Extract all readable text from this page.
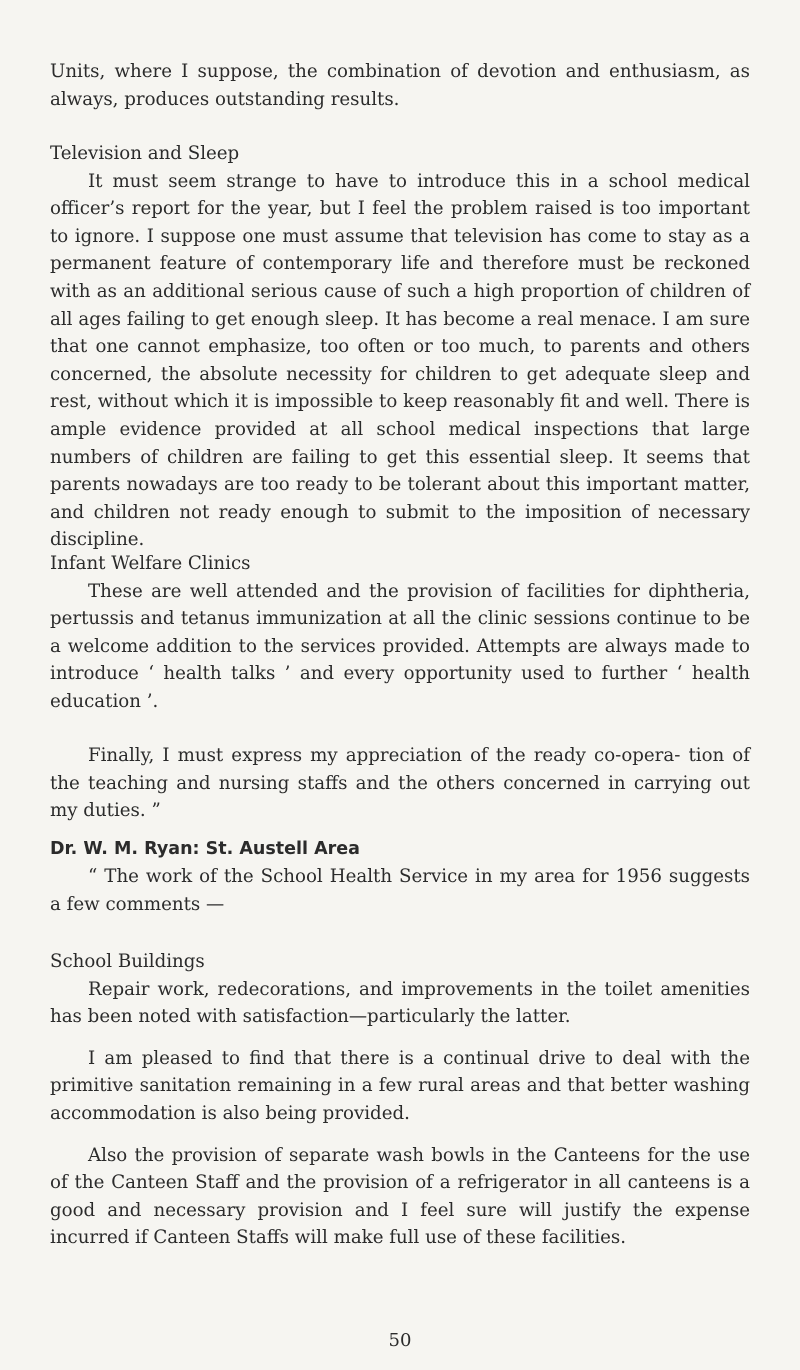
Units, where I suppose, the combination of devotion and enthusiasm, as always, produces outstanding results.

Television and Sleep

It must seem strange to have to introduce this in a school medical officer’s report for the year, but I feel the problem raised is too important to ignore. I suppose one must assume that television has come to stay as a permanent feature of contemporary life and therefore must be reckoned with as an additional serious cause of such a high proportion of children of all ages failing to get enough sleep. It has become a real menace. I am sure that one cannot emphasize, too often or too much, to parents and others concerned, the absolute necessity for children to get adequate sleep and rest, without which it is impossible to keep reasonably fit and well. There is ample evidence provided at all school medical inspections that large numbers of children are failing to get this essential sleep. It seems that parents nowadays are too ready to be tolerant about this important matter, and children not ready enough to submit to the imposition of necessary discipline.

Infant Welfare Clinics

These are well attended and the provision of facilities for diphtheria, pertussis and tetanus immunization at all the clinic sessions continue to be a welcome addition to the services provided. Attempts are always made to introduce ‘ health talks ’ and every opportunity used to further ‘ health education ’.

Finally, I must express my appreciation of the ready co-opera- tion of the teaching and nursing staffs and the others concerned in carrying out my duties. ”

Dr. W. M. Ryan: St. Austell Area

“ The work of the School Health Service in my area for 1956 suggests a few comments —

School Buildings

Repair work, redecorations, and improvements in the toilet amenities has been noted with satisfaction—particularly the latter.

I am pleased to find that there is a continual drive to deal with the primitive sanitation remaining in a few rural areas and that better washing accommodation is also being provided.

Also the provision of separate wash bowls in the Canteens for the use of the Canteen Staff and the provision of a refrigerator in all canteens is a good and necessary provision and I feel sure will justify the expense incurred if Canteen Staffs will make full use of these facilities.

50
